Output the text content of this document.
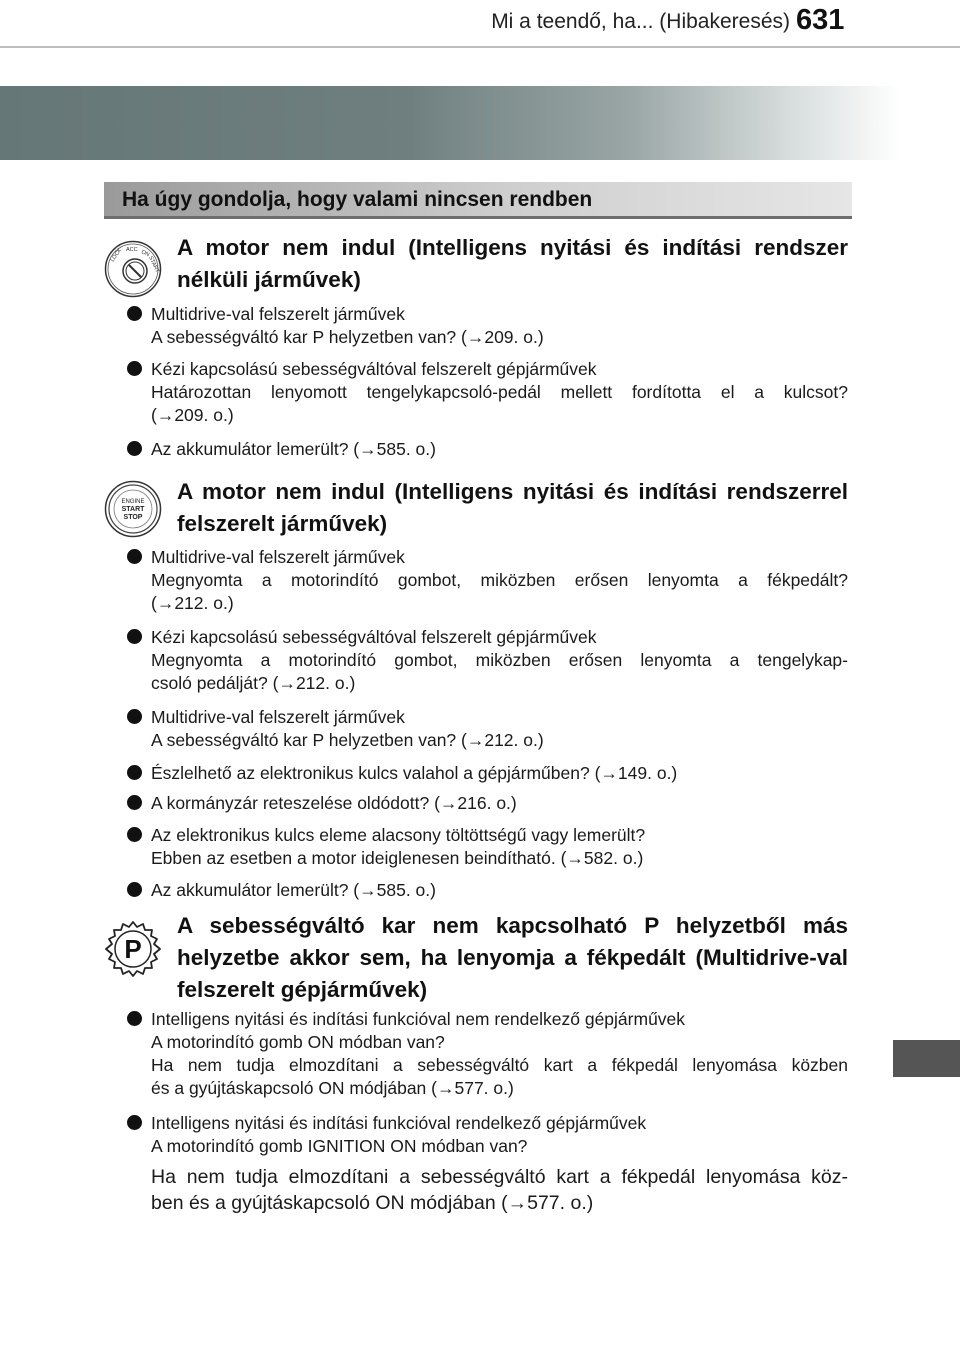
Mi a teendő, ha... (Hibakeresés) 631
Ha úgy gondolja, hogy valami nincsen rendben
LOCK ACC ON
START
A motor nem indul (Intelligens nyitási és indítási rendszer nélküli járművek)
Multidrive-val felszerelt járművek
A sebességváltó kar P helyzetben van? (→209. o.)
Kézi kapcsolású sebességváltóval felszerelt gépjárművek
Határozottan lenyomott tengelykapcsoló-pedál mellett fordította el a kulcsot?
(→209. o.)
Az akkumulátor lemerült? (→585. o.)
ENGINE
START
STOP
A motor nem indul (Intelligens nyitási és indítási rendszerrel felszerelt járművek)
Multidrive-val felszerelt járművek
Megnyomta a motorindító gombot, miközben erősen lenyomta a fékpedált?
(→212. o.)
Kézi kapcsolású sebességváltóval felszerelt gépjárművek
Megnyomta a motorindító gombot, miközben erősen lenyomta a tengelykap-
csoló pedálját? (→212. o.)
Multidrive-val felszerelt járművek
A sebességváltó kar P helyzetben van? (→212. o.)
Észlelhető az elektronikus kulcs valahol a gépjárműben? (→149. o.)
A kormányzár reteszelése oldódott? (→216. o.)
Az elektronikus kulcs eleme alacsony töltöttségű vagy lemerült?
Ebben az esetben a motor ideiglenesen beindítható. (→582. o.)
Az akkumulátor lemerült? (→585. o.)
P
A sebességváltó kar nem kapcsolható P helyzetből más helyzetbe akkor sem, ha lenyomja a fékpedált (Multidrive-val felszerelt gépjárművek)
Intelligens nyitási és indítási funkcióval nem rendelkező gépjárművek
A motorindító gomb ON módban van?
Ha nem tudja elmozdítani a sebességváltó kart a fékpedál lenyomása közben
és a gyújtáskapcsoló ON módjában (→577. o.)
Intelligens nyitási és indítási funkcióval rendelkező gépjárművek
A motorindító gomb IGNITION ON módban van?
Ha nem tudja elmozdítani a sebességváltó kart a fékpedál lenyomása köz-
ben és a gyújtáskapcsoló ON módjában (→577. o.)
